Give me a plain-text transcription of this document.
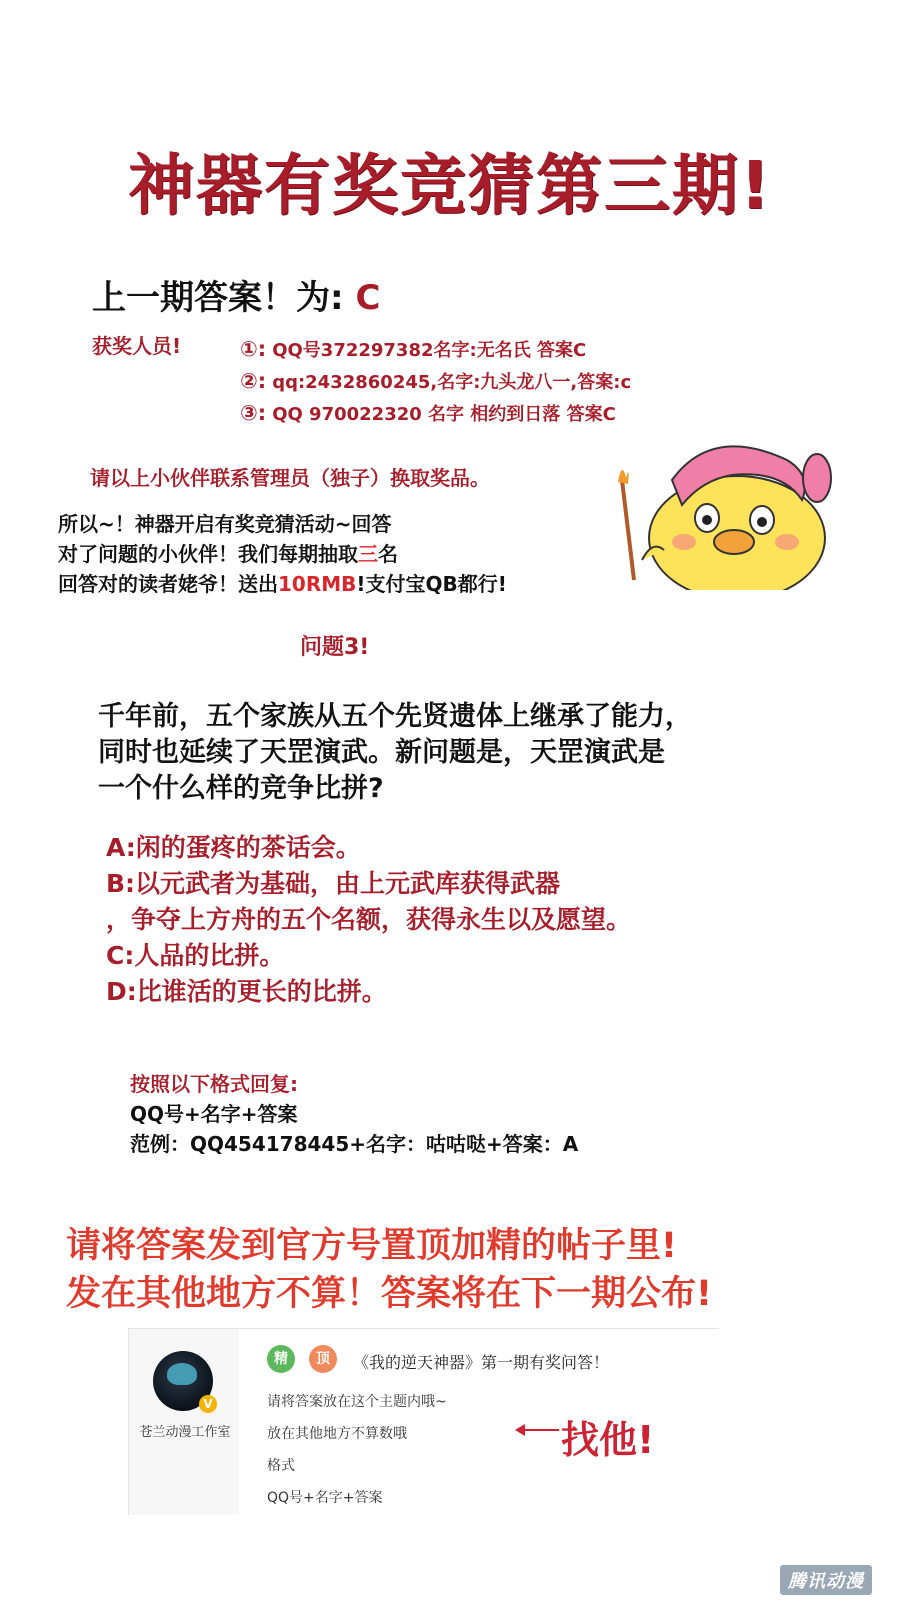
神器有奖竞猜第三期!
上一期答案！为: C
获奖人员!	①: QQ号372297382名字:无名氏 答案C
②: qq:2432860245,名字:九头龙八一,答案:c
③: QQ 970022320 名字 相约到日落 答案C
请以上小伙伴联系管理员（独子）换取奖品。
所以~！神器开启有奖竞猜活动~回答
对了问题的小伙伴！我们每期抽取三名
回答对的读者姥爷！送出10RMB!支付宝QB都行!
问题3!
千年前，五个家族从五个先贤遗体上继承了能力，
同时也延续了天罡演武。新问题是，天罡演武是
一个什么样的竞争比拼?
A:闲的蛋疼的茶话会。
B:以元武者为基础，由上元武库获得武器
，争夺上方舟的五个名额，获得永生以及愿望。
C:人品的比拼。
D:比谁活的更长的比拼。
按照以下格式回复:
QQ号+名字+答案
范例：QQ454178445+名字：咕咕哒+答案：A
请将答案发到官方号置顶加精的帖子里!
发在其他地方不算！答案将在下一期公布!
V
苍兰动漫工作室
精	顶	《我的逆天神器》第一期有奖问答！
请将答案放在这个主题内哦~
放在其他地方不算数哦
格式
QQ号+名字+答案
找他!
腾讯动漫
